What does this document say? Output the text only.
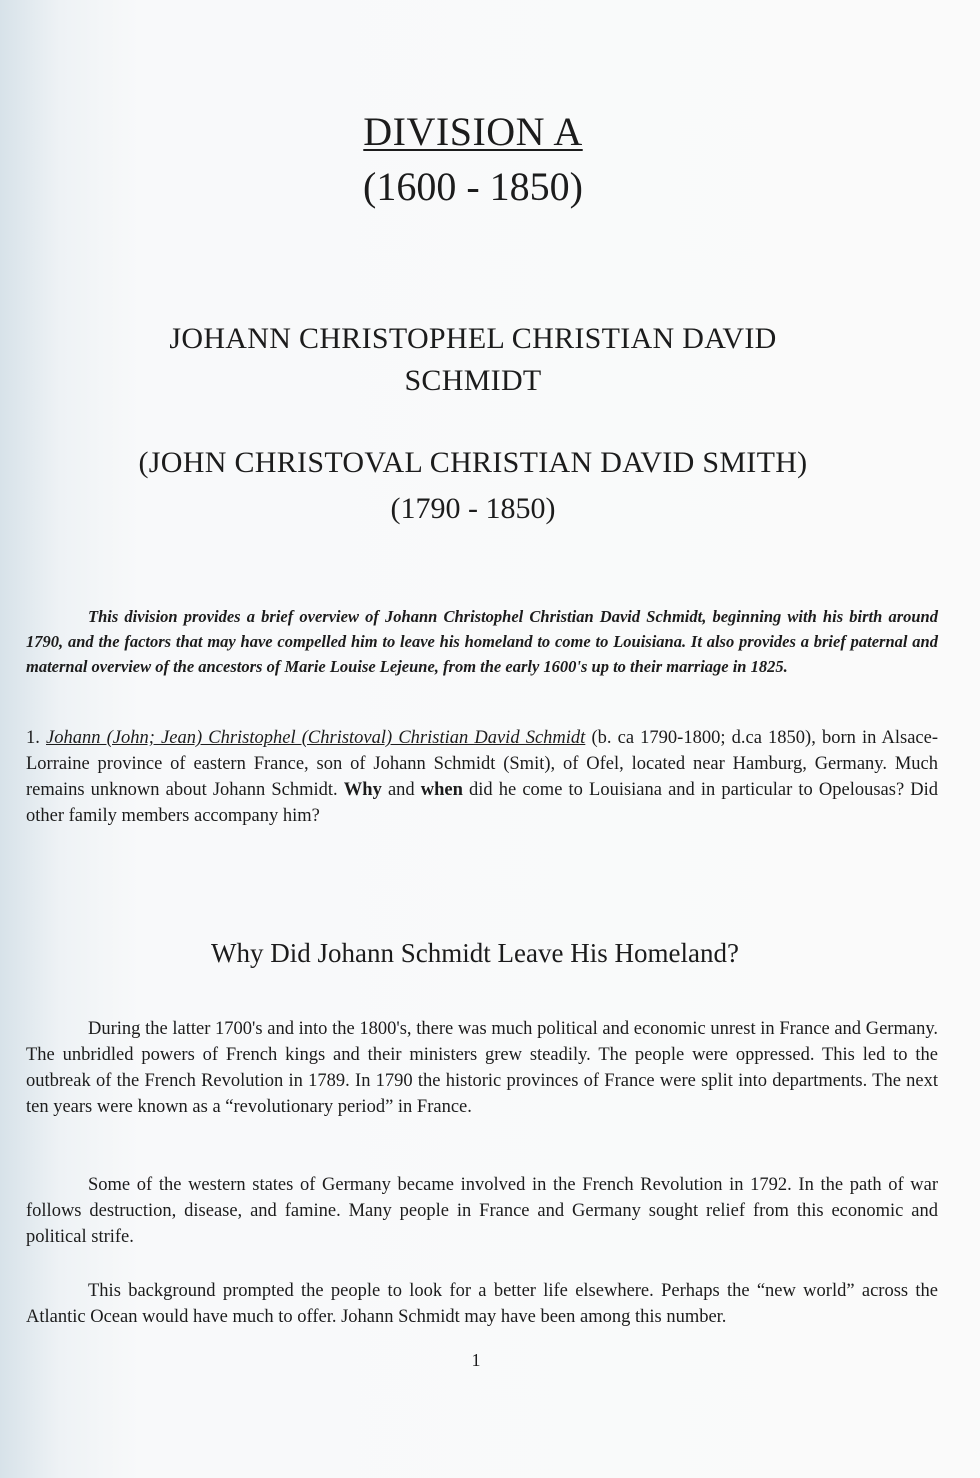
DIVISION A
(1600 - 1850)
JOHANN CHRISTOPHEL CHRISTIAN DAVID
SCHMIDT
(JOHN CHRISTOVAL CHRISTIAN DAVID SMITH)
(1790 - 1850)

This division provides a brief overview of Johann Christophel Christian David Schmidt, beginning with his birth around 1790, and the factors that may have compelled him to leave his homeland to come to Louisiana. It also provides a brief paternal and maternal overview of the ancestors of Marie Louise Lejeune, from the early 1600's up to their marriage in 1825.

1. Johann (John; Jean) Christophel (Christoval) Christian David Schmidt (b. ca 1790-1800; d.ca 1850), born in Alsace-Lorraine province of eastern France, son of Johann Schmidt (Smit), of Ofel, located near Hamburg, Germany. Much remains unknown about Johann Schmidt. Why and when did he come to Louisiana and in particular to Opelousas? Did other family members accompany him?

Why Did Johann Schmidt Leave His Homeland?

During the latter 1700's and into the 1800's, there was much political and economic unrest in France and Germany. The unbridled powers of French kings and their ministers grew steadily. The people were oppressed. This led to the outbreak of the French Revolution in 1789. In 1790 the historic provinces of France were split into departments. The next ten years were known as a “revolutionary period” in France.

Some of the western states of Germany became involved in the French Revolution in 1792. In the path of war follows destruction, disease, and famine. Many people in France and Germany sought relief from this economic and political strife.

This background prompted the people to look for a better life elsewhere. Perhaps the “new world” across the Atlantic Ocean would have much to offer. Johann Schmidt may have been among this number.

1
